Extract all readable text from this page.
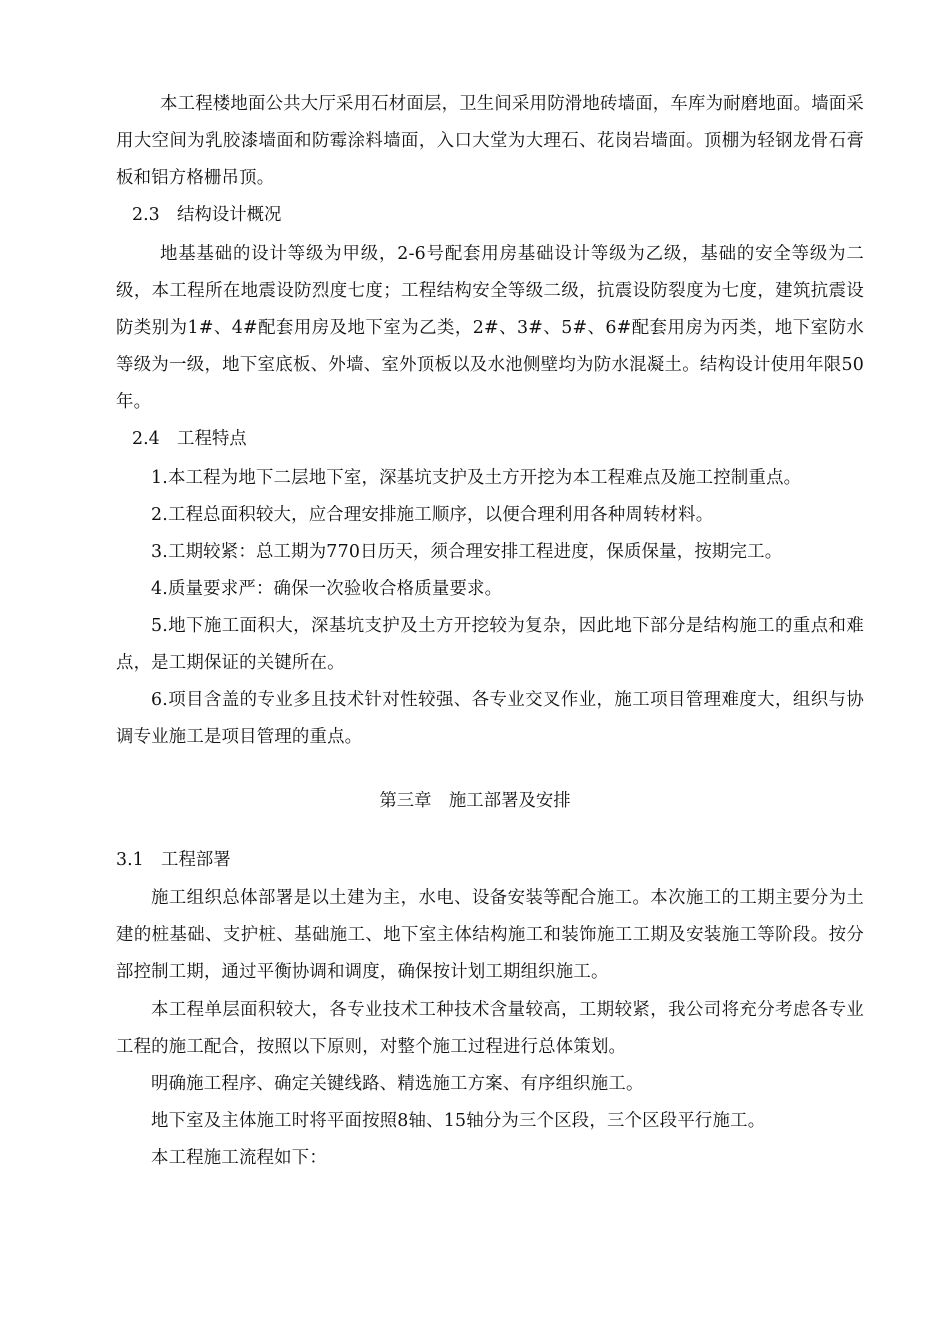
本工程楼地面公共大厅采用石材面层，卫生间采用防滑地砖墙面，车库为耐磨地面。墙面采用大空间为乳胶漆墙面和防霉涂料墙面，入口大堂为大理石、花岗岩墙面。顶棚为轻钢龙骨石膏板和铝方格栅吊顶。

2.3　结构设计概况

地基基础的设计等级为甲级，2-6号配套用房基础设计等级为乙级，基础的安全等级为二级，本工程所在地震设防烈度七度；工程结构安全等级二级，抗震设防裂度为七度，建筑抗震设防类别为1#、4#配套用房及地下室为乙类，2#、3#、5#、6#配套用房为丙类，地下室防水等级为一级，地下室底板、外墙、室外顶板以及水池侧壁均为防水混凝土。结构设计使用年限50年。

2.4　工程特点

1.本工程为地下二层地下室，深基坑支护及土方开挖为本工程难点及施工控制重点。

2.工程总面积较大，应合理安排施工顺序，以便合理利用各种周转材料。

3.工期较紧：总工期为770日历天，须合理安排工程进度，保质保量，按期完工。

4.质量要求严：确保一次验收合格质量要求。

5.地下施工面积大，深基坑支护及土方开挖较为复杂，因此地下部分是结构施工的重点和难点，是工期保证的关键所在。

6.项目含盖的专业多且技术针对性较强、各专业交叉作业，施工项目管理难度大，组织与协调专业施工是项目管理的重点。

第三章　施工部署及安排

3.1　工程部署

施工组织总体部署是以土建为主，水电、设备安装等配合施工。本次施工的工期主要分为土建的桩基础、支护桩、基础施工、地下室主体结构施工和装饰施工工期及安装施工等阶段。按分部控制工期，通过平衡协调和调度，确保按计划工期组织施工。

本工程单层面积较大，各专业技术工种技术含量较高，工期较紧，我公司将充分考虑各专业工程的施工配合，按照以下原则，对整个施工过程进行总体策划。

明确施工程序、确定关键线路、精选施工方案、有序组织施工。

地下室及主体施工时将平面按照8轴、15轴分为三个区段，三个区段平行施工。

本工程施工流程如下：
